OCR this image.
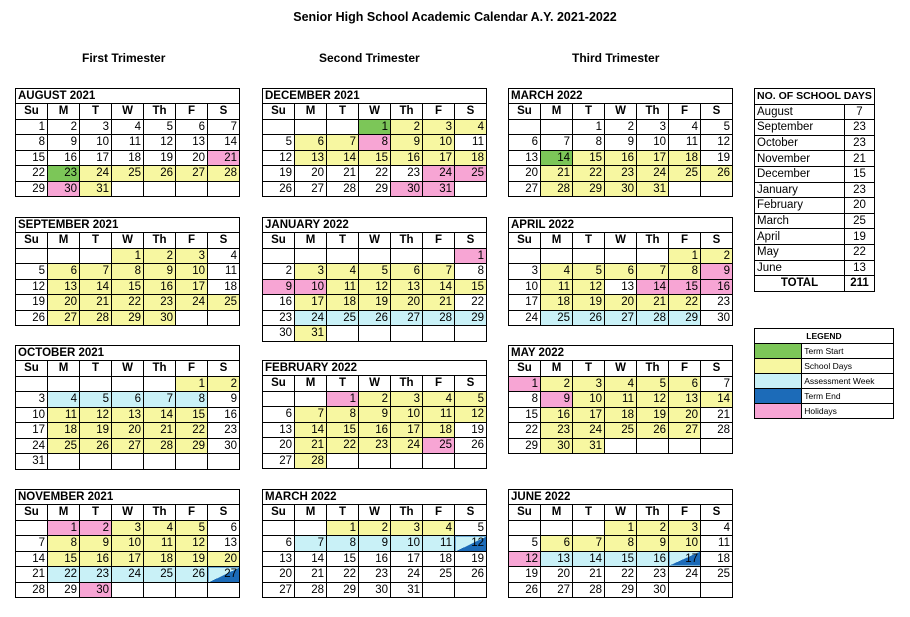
Senior High School Academic Calendar A.Y. 2021-2022
First Trimester	Second Trimester	Third Trimester
AUGUST 2021						
Su	M	T	W	Th	F	S
1	2	3	4	5	6	7
8	9	10	11	12	13	14
15	16	17	18	19	20	21
22	23	24	25	26	27	28
29	30	31				
SEPTEMBER 2021						
Su	M	T	W	Th	F	S
			1	2	3	4
5	6	7	8	9	10	11
12	13	14	15	16	17	18
19	20	21	22	23	24	25
26	27	28	29	30		
OCTOBER 2021						
Su	M	T	W	Th	F	S
					1	2
3	4	5	6	7	8	9
10	11	12	13	14	15	16
17	18	19	20	21	22	23
24	25	26	27	28	29	30
31						
NOVEMBER 2021						
Su	M	T	W	Th	F	S
	1	2	3	4	5	6
7	8	9	10	11	12	13
14	15	16	17	18	19	20
21	22	23	24	25	26	27
28	29	30				
DECEMBER 2021						
Su	M	T	W	Th	F	S
			1	2	3	4
5	6	7	8	9	10	11
12	13	14	15	16	17	18
19	20	21	22	23	24	25
26	27	28	29	30	31	
JANUARY 2022						
Su	M	T	W	Th	F	S
						1
2	3	4	5	6	7	8
9	10	11	12	13	14	15
16	17	18	19	20	21	22
23	24	25	26	27	28	29
30	31					
FEBRUARY 2022						
Su	M	T	W	Th	F	S
		1	2	3	4	5
6	7	8	9	10	11	12
13	14	15	16	17	18	19
20	21	22	23	24	25	26
27	28					
MARCH 2022						
Su	M	T	W	Th	F	S
		1	2	3	4	5
6	7	8	9	10	11	12
13	14	15	16	17	18	19
20	21	22	23	24	25	26
27	28	29	30	31		
MARCH 2022						
Su	M	T	W	Th	F	S
		1	2	3	4	5
6	7	8	9	10	11	12
13	14	15	16	17	18	19
20	21	22	23	24	25	26
27	28	29	30	31		
APRIL 2022						
Su	M	T	W	Th	F	S
					1	2
3	4	5	6	7	8	9
10	11	12	13	14	15	16
17	18	19	20	21	22	23
24	25	26	27	28	29	30
MAY 2022						
Su	M	T	W	Th	F	S
1	2	3	4	5	6	7
8	9	10	11	12	13	14
15	16	17	18	19	20	21
22	23	24	25	26	27	28
29	30	31				
JUNE 2022						
Su	M	T	W	Th	F	S
			1	2	3	4
5	6	7	8	9	10	11
12	13	14	15	16	17	18
19	20	21	22	23	24	25
26	27	28	29	30		
NO. OF SCHOOL DAYS	
August	7
September	23
October	23
November	21
December	15
January	23
February	20
March	25
April	19
May	22
June	13
TOTAL	211
LEGEND	
	Term Start
	School Days
	Assessment Week
	Term End
	Holidays
